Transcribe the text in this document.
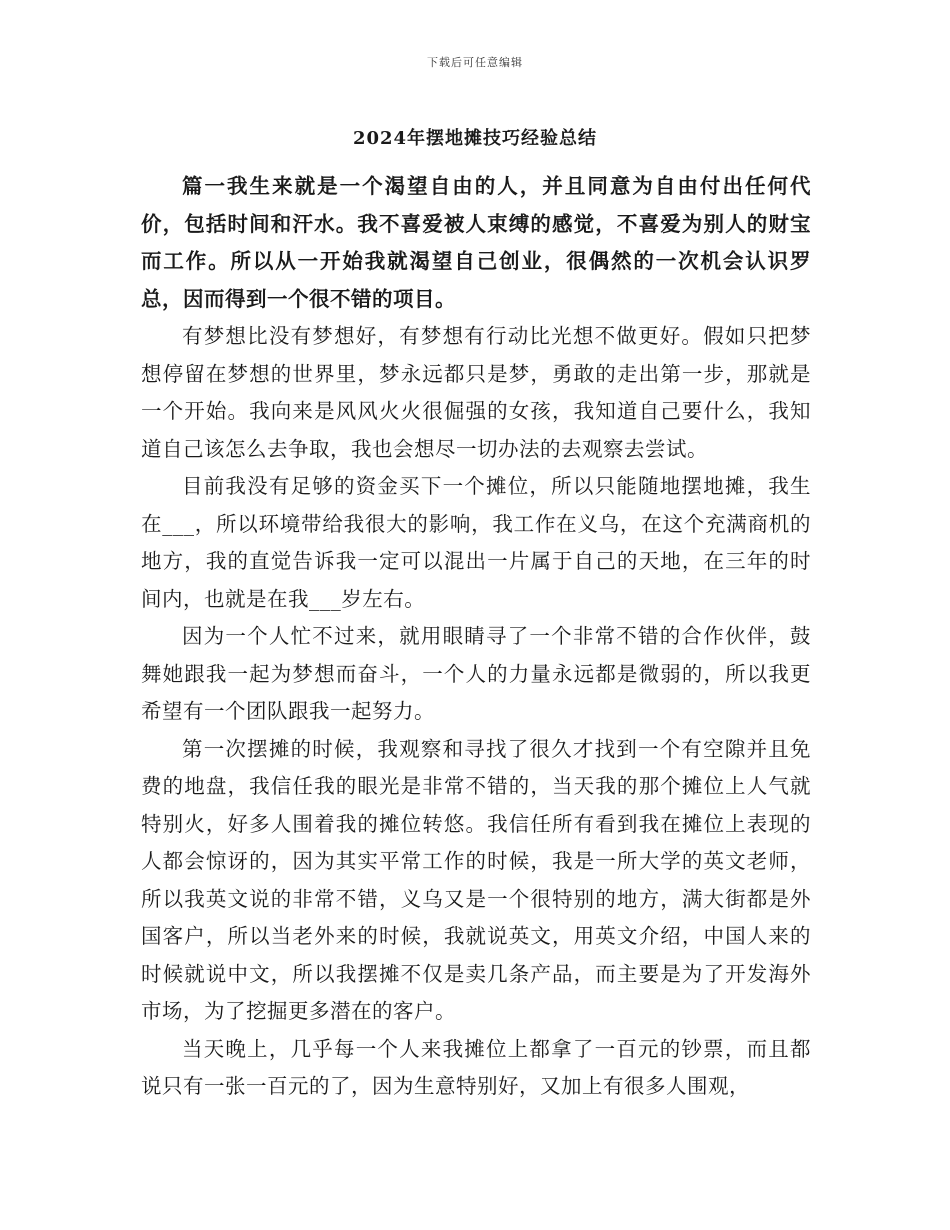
下载后可任意编辑
2024年摆地摊技巧经验总结

篇一我生来就是一个渴望自由的人，并且同意为自由付出任何代价，包括时间和汗水。我不喜爱被人束缚的感觉，不喜爱为别人的财宝而工作。所以从一开始我就渴望自己创业，很偶然的一次机会认识罗总，因而得到一个很不错的项目。

有梦想比没有梦想好，有梦想有行动比光想不做更好。假如只把梦想停留在梦想的世界里，梦永远都只是梦，勇敢的走出第一步，那就是一个开始。我向来是风风火火很倔强的女孩，我知道自己要什么，我知道自己该怎么去争取，我也会想尽一切办法的去观察去尝试。

目前我没有足够的资金买下一个摊位，所以只能随地摆地摊，我生在___，所以环境带给我很大的影响，我工作在义乌，在这个充满商机的地方，我的直觉告诉我一定可以混出一片属于自己的天地，在三年的时间内，也就是在我___岁左右。

因为一个人忙不过来，就用眼睛寻了一个非常不错的合作伙伴，鼓舞她跟我一起为梦想而奋斗，一个人的力量永远都是微弱的，所以我更希望有一个团队跟我一起努力。

第一次摆摊的时候，我观察和寻找了很久才找到一个有空隙并且免费的地盘，我信任我的眼光是非常不错的，当天我的那个摊位上人气就特别火，好多人围着我的摊位转悠。我信任所有看到我在摊位上表现的人都会惊讶的，因为其实平常工作的时候，我是一所大学的英文老师，所以我英文说的非常不错，义乌又是一个很特别的地方，满大街都是外国客户，所以当老外来的时候，我就说英文，用英文介绍，中国人来的时候就说中文，所以我摆摊不仅是卖几条产品，而主要是为了开发海外市场，为了挖掘更多潜在的客户。

当天晚上，几乎每一个人来我摊位上都拿了一百元的钞票，而且都说只有一张一百元的了，因为生意特别好，又加上有很多人围观，
